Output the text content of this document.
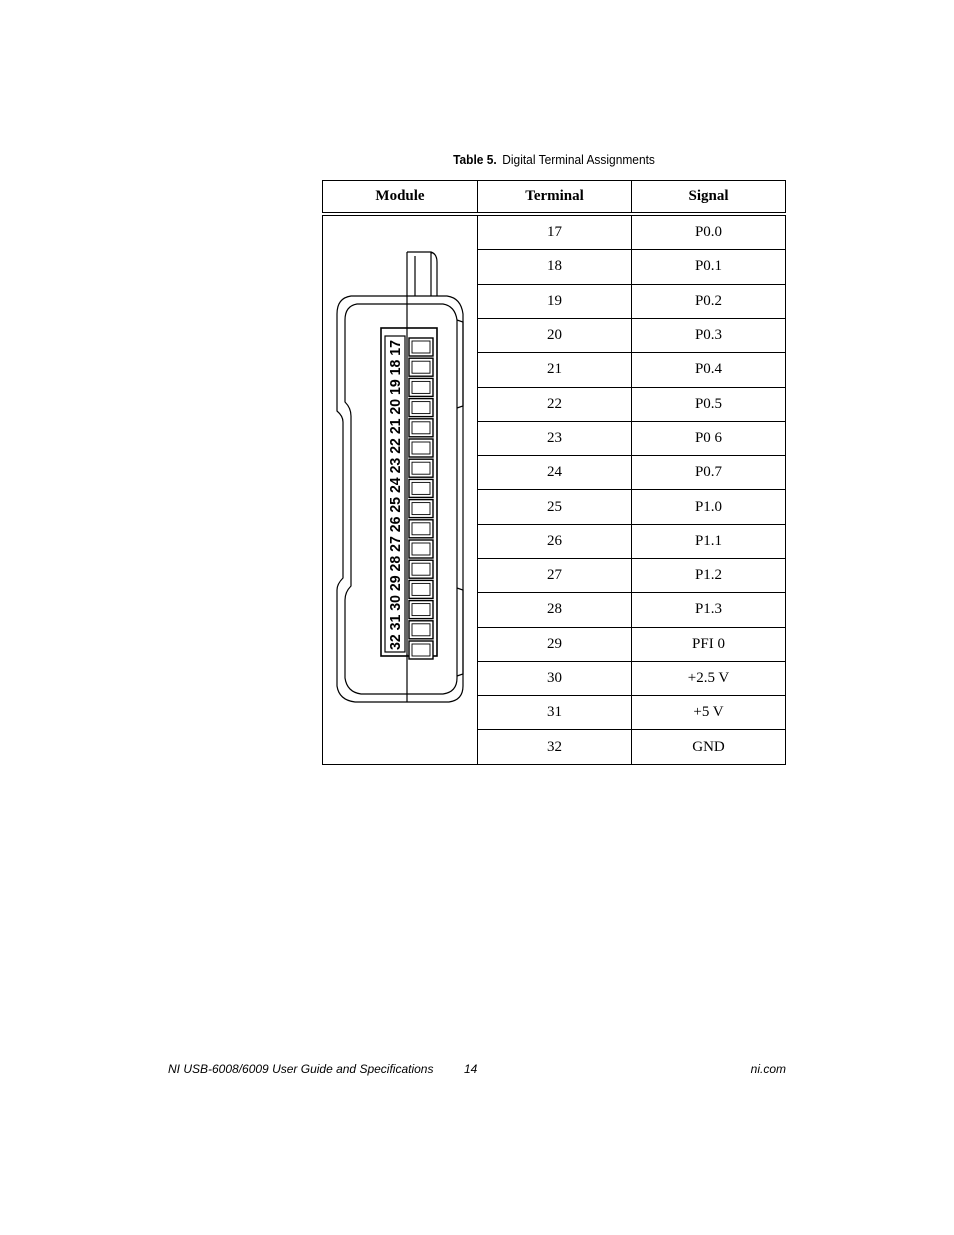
Table 5. Digital Terminal Assignments
Module	Terminal	Signal

32 31 30 29 28 27 26 25 24 23 22 21 20 19 18 17	17	P0.0
	18	P0.1
	19	P0.2
	20	P0.3
	21	P0.4
	22	P0.5
	23	P0 6
	24	P0.7
	25	P1.0
	26	P1.1
	27	P1.2
	28	P1.3
	29	PFI 0
	30	+2.5 V
	31	+5 V
	32	GND
NI USB-6008/6009 User Guide and Specifications	14	ni.com
